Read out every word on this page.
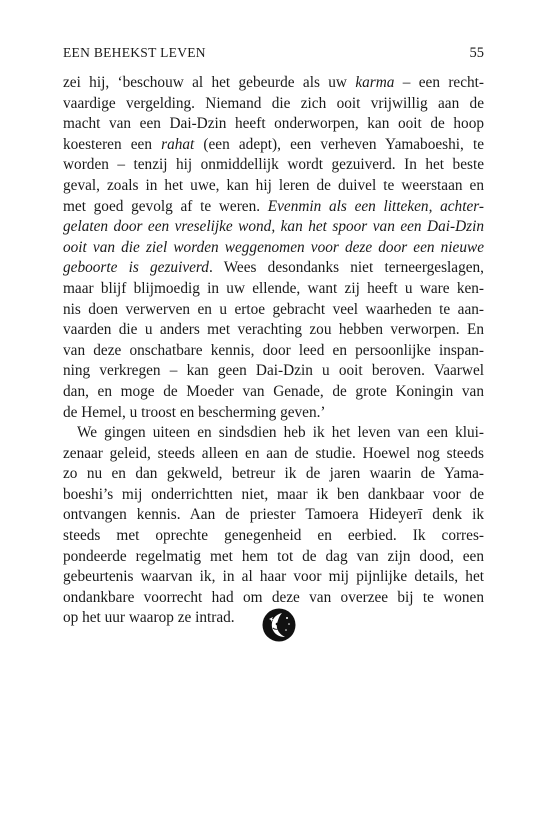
EEN BEHEKST LEVEN	55
zei hij, ‘beschouw al het gebeurde als uw karma – een recht-
vaardige vergelding. Niemand die zich ooit vrijwillig aan de
macht van een Dai-Dzin heeft onderworpen, kan ooit de hoop
koesteren een rahat (een adept), een verheven Yamaboeshi, te
worden – tenzij hij onmiddellijk wordt gezuiverd. In het beste
geval, zoals in het uwe, kan hij leren de duivel te weerstaan en
met goed gevolg af te weren. Evenmin als een litteken, achter-
gelaten door een vreselijke wond, kan het spoor van een Dai-Dzin
ooit van die ziel worden weggenomen voor deze door een nieuwe
geboorte is gezuiverd. Wees desondanks niet terneergeslagen,
maar blijf blijmoedig in uw ellende, want zij heeft u ware ken-
nis doen verwerven en u ertoe gebracht veel waarheden te aan-
vaarden die u anders met verachting zou hebben verworpen. En
van deze onschatbare kennis, door leed en persoonlijke inspan-
ning verkregen – kan geen Dai-Dzin u ooit beroven. Vaarwel
dan, en moge de Moeder van Genade, de grote Koningin van
de Hemel, u troost en bescherming geven.’
We gingen uiteen en sindsdien heb ik het leven van een klui-
zenaar geleid, steeds alleen en aan de studie. Hoewel nog steeds
zo nu en dan gekweld, betreur ik de jaren waarin de Yama-
boeshi’s mij onderrichtten niet, maar ik ben dankbaar voor de
ontvangen kennis. Aan de priester Tamoera Hideyerī denk ik
steeds met oprechte genegenheid en eerbied. Ik corres-
pondeerde regelmatig met hem tot de dag van zijn dood, een
gebeurtenis waarvan ik, in al haar voor mij pijnlijke details, het
ondankbare voorrecht had om deze van overzee bij te wonen
op het uur waarop ze intrad.
